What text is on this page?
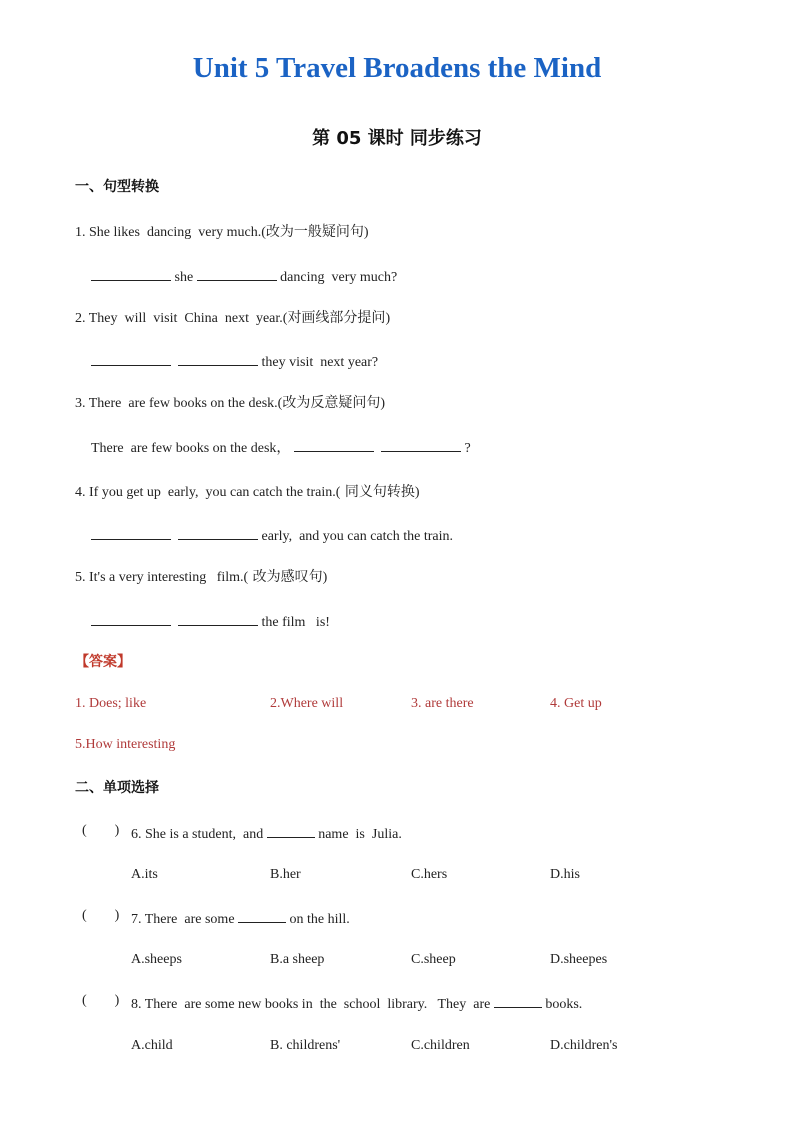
Unit 5 Travel Broadens the Mind
第 05 课时 同步练习
一、句型转换
1. She likes  dancing  very much.(改为一般疑问句)
she	dancing  very much?
2. They  will  visit  China  next  year.(对画线部分提问)
they visit  next year?
3. There  are few books on the desk.(改为反意疑问句)
There  are few books on the desk，	?
4. If you get up  early,  you can catch the train.( 同义句转换)
early,  and you can catch the train.
5. It's a very interesting   film.( 改为感叹句)
the film   is!
【答案】
1. Does; like	2.Where will	3. are there	4. Get up
5.How interesting
二、单项选择
(        ) 6. She is a student,  and	name  is  Julia.
A.its	B.her	C.hers	D.his
(        ) 7. There  are some	on the hill.
A.sheeps	B.a sheep	C.sheep	D.sheepes
(        ) 8. There  are some new books in  the  school  library.   They  are	books.
A.child	B. childrens'	C.children	D.children's
